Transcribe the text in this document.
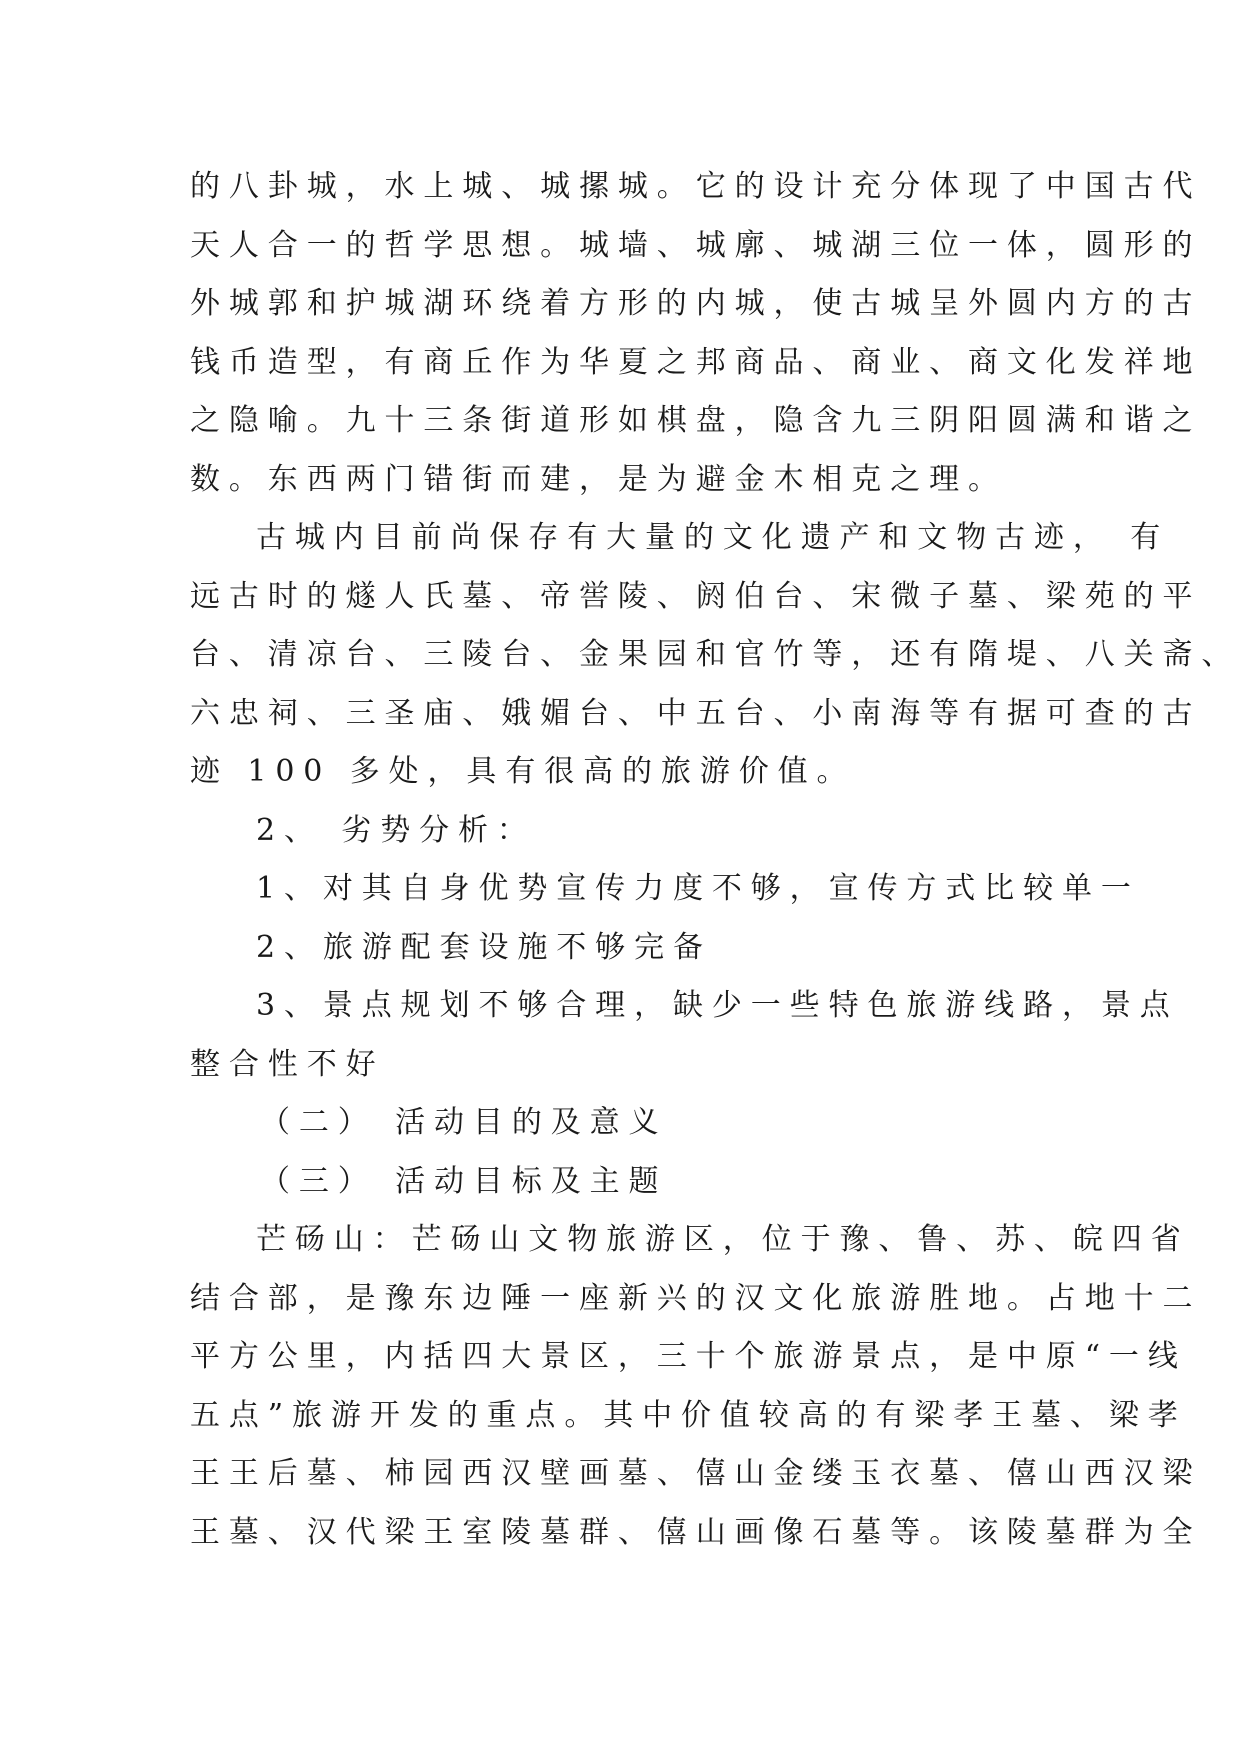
的八卦城，水上城、城摞城。它的设计充分体现了中国古代
天人合一的哲学思想。城墙、城廓、城湖三位一体，圆形的
外城郭和护城湖环绕着方形的内城，使古城呈外圆内方的古
钱币造型，有商丘作为华夏之邦商品、商业、商文化发祥地
之隐喻。九十三条街道形如棋盘，隐含九三阴阳圆满和谐之
数。东西两门错街而建，是为避金木相克之理。
古城内目前尚保存有大量的文化遗产和文物古迹， 有
远古时的燧人氏墓、帝喾陵、阏伯台、宋微子墓、梁苑的平
台、清凉台、三陵台、金果园和官竹等，还有隋堤、八关斋、
六忠祠、三圣庙、娥媚台、中五台、小南海等有据可查的古
迹 100 多处，具有很高的旅游价值。
2、 劣势分析：
1、对其自身优势宣传力度不够，宣传方式比较单一
2、旅游配套设施不够完备
3、景点规划不够合理，缺少一些特色旅游线路，景点
整合性不好
（二） 活动目的及意义
（三） 活动目标及主题
芒砀山：芒砀山文物旅游区，位于豫、鲁、苏、皖四省
结合部，是豫东边陲一座新兴的汉文化旅游胜地。占地十二
平方公里，内括四大景区，三十个旅游景点，是中原“一线
五点”旅游开发的重点。其中价值较高的有梁孝王墓、梁孝
王王后墓、柿园西汉壁画墓、僖山金缕玉衣墓、僖山西汉梁
王墓、汉代梁王室陵墓群、僖山画像石墓等。该陵墓群为全
